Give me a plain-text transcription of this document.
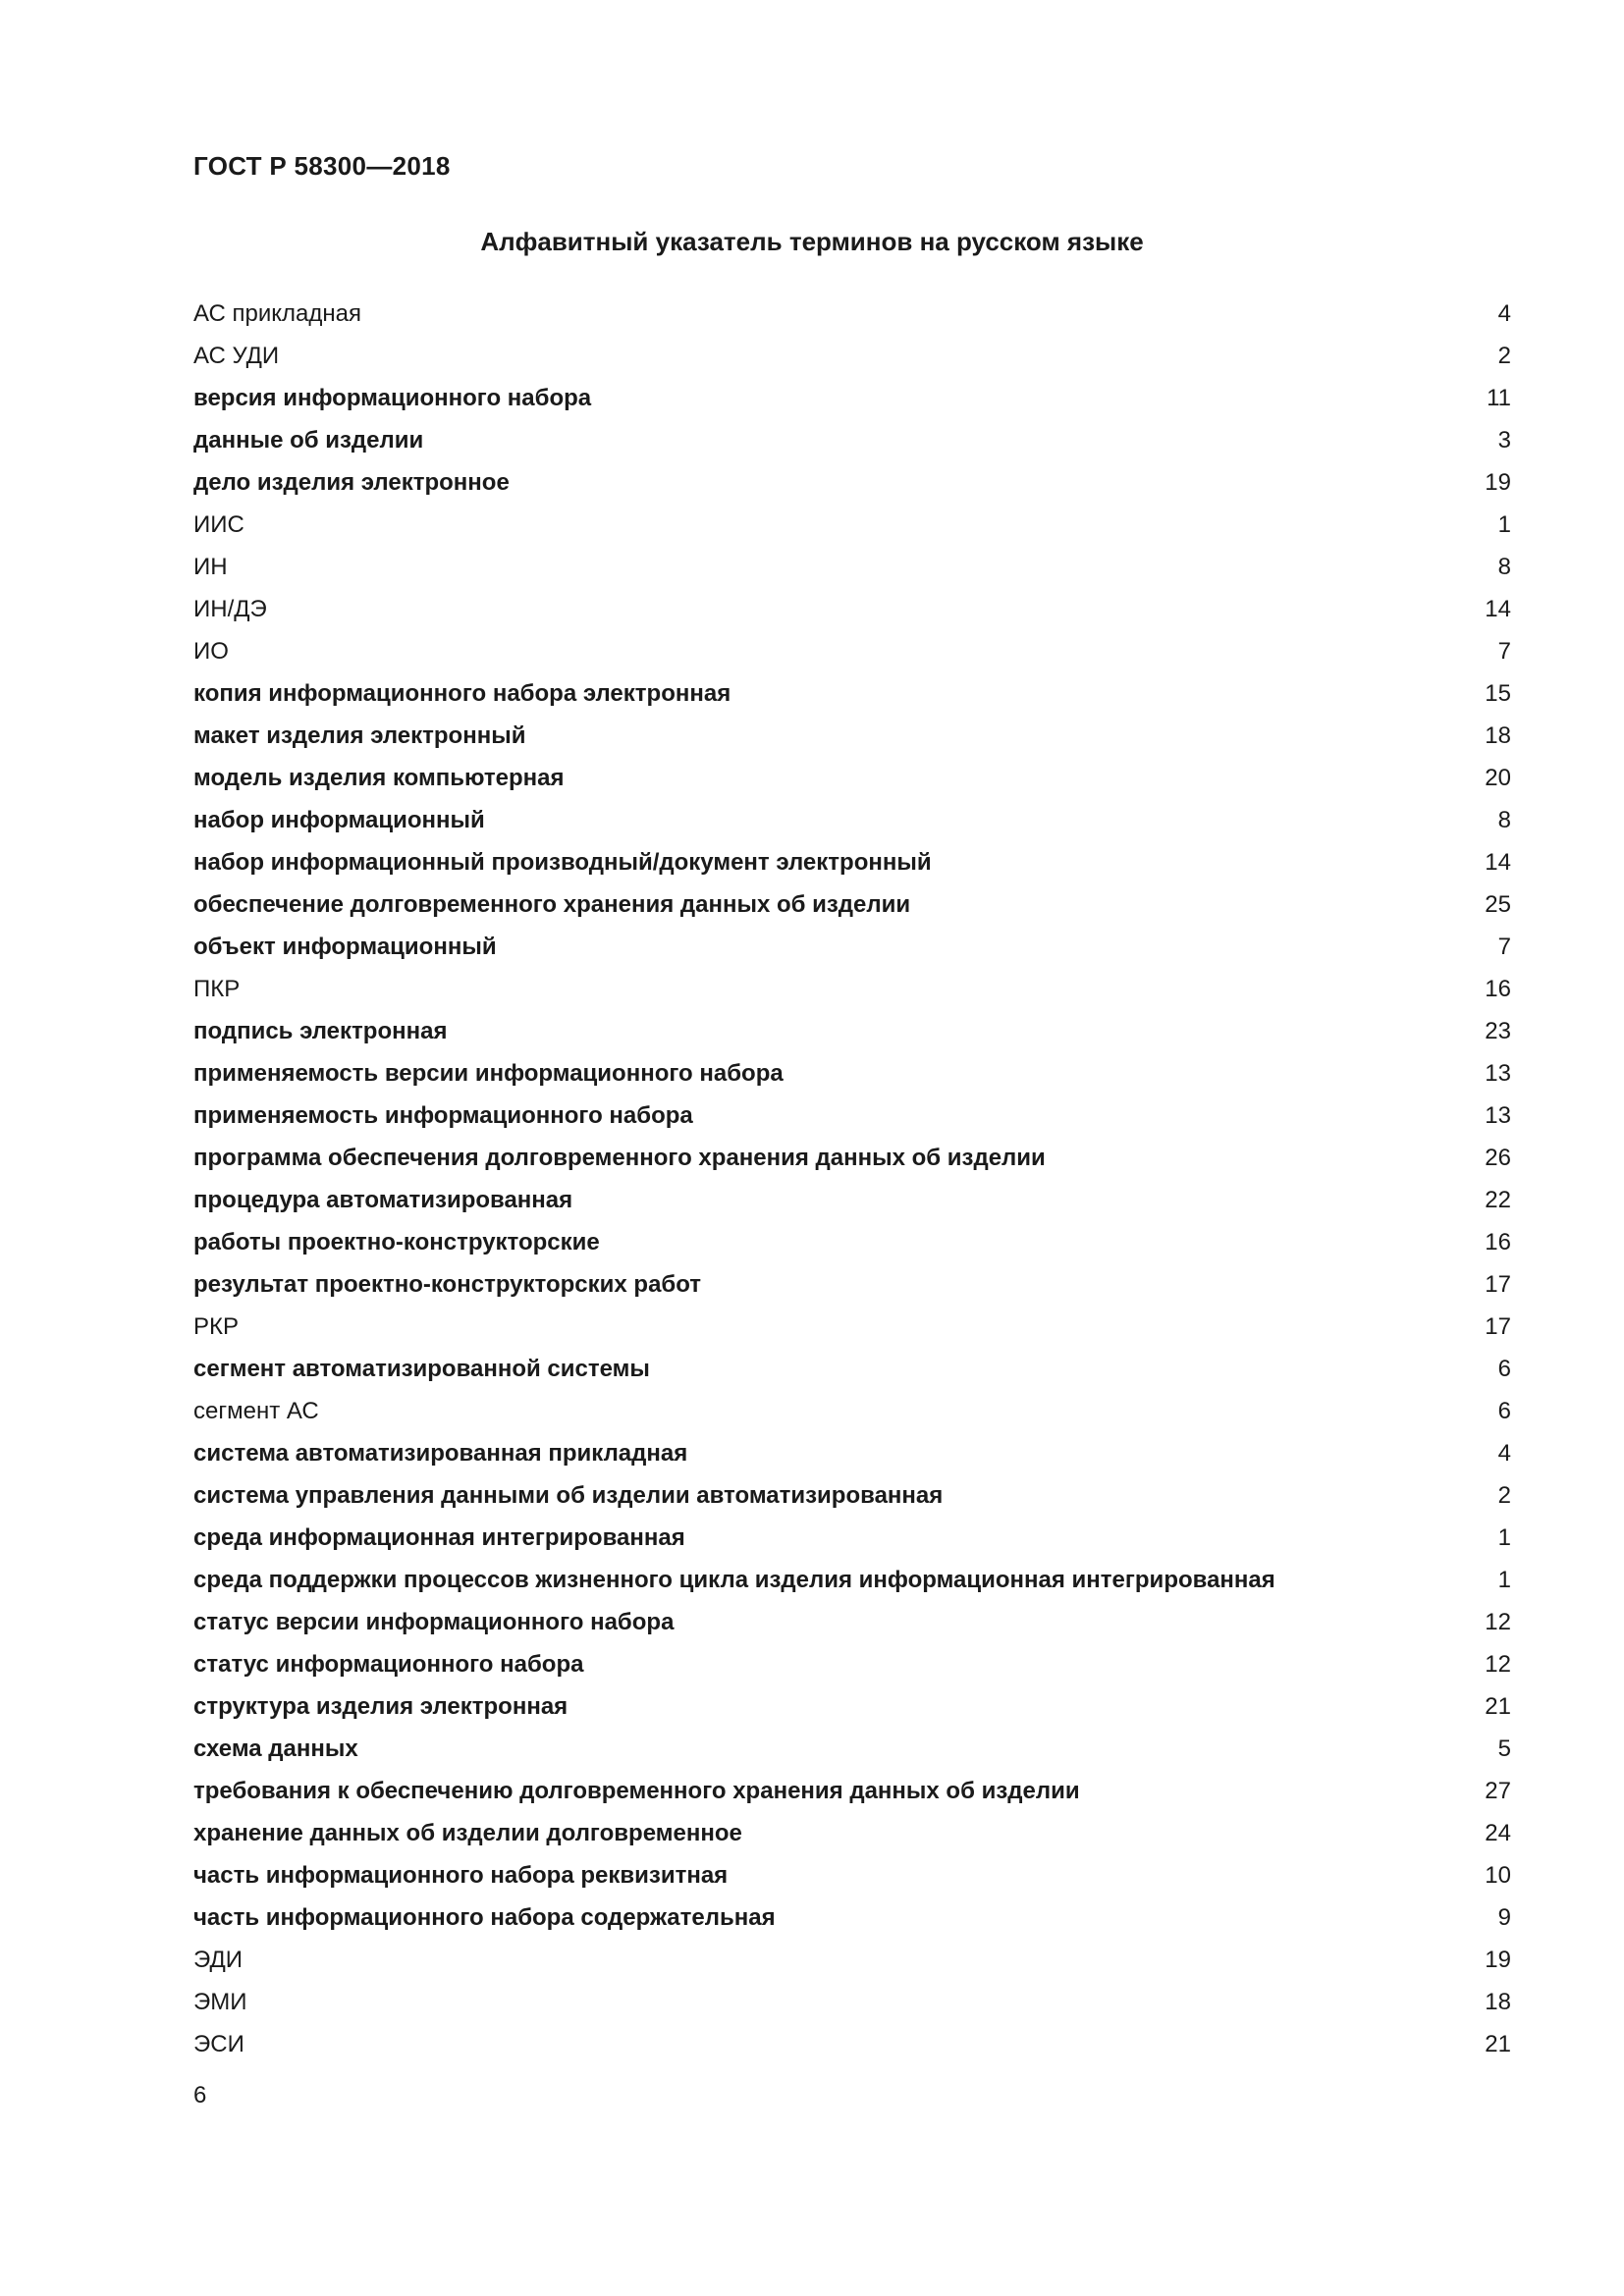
ГОСТ Р 58300—2018
Алфавитный указатель терминов на русском языке
АС прикладная	4
АС УДИ	2
версия информационного набора	11
данные об изделии	3
дело изделия электронное	19
ИИС	1
ИН	8
ИН/ДЭ	14
ИО	7
копия информационного набора электронная	15
макет изделия электронный	18
модель изделия компьютерная	20
набор информационный	8
набор информационный производный/документ электронный	14
обеспечение долговременного хранения данных об изделии	25
объект информационный	7
ПКР	16
подпись электронная	23
применяемость версии информационного набора	13
применяемость информационного набора	13
программа обеспечения долговременного хранения данных об изделии	26
процедура автоматизированная	22
работы проектно-конструкторские	16
результат проектно-конструкторских работ	17
РКР	17
сегмент автоматизированной системы	6
сегмент АС	6
система автоматизированная прикладная	4
система управления данными об изделии автоматизированная	2
среда информационная интегрированная	1
среда поддержки процессов жизненного цикла изделия информационная интегрированная	1
статус версии информационного набора	12
статус информационного набора	12
структура изделия электронная	21
схема данных	5
требования к обеспечению долговременного хранения данных об изделии	27
хранение данных об изделии долговременное	24
часть информационного набора реквизитная	10
часть информационного набора содержательная	9
ЭДИ	19
ЭМИ	18
ЭСИ	21
6
